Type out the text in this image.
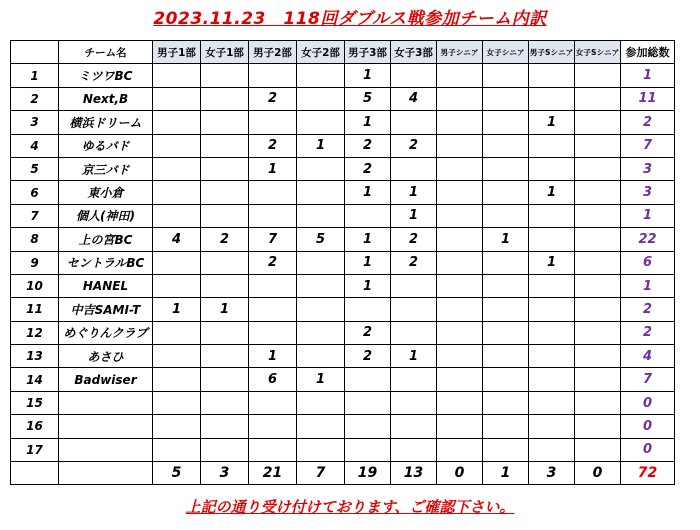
2023.11.23　118回ダブルス戦参加チーム内訳
	チーム名	男子1部	女子1部	男子2部	女子2部	男子3部	女子3部	男子シニア	女子シニア	男子Sシニア	女子Sシニア	参加総数
1	ミツワBC					1						1
2	Next,B			2		5	4					11
3	横浜ドリーム					1				1		2
4	ゆるバド			2	1	2	2					7
5	京三バド			1		2						3
6	東小倉					1	1			1		3
7	個人(神田)						1					1
8	上の宮BC	4	2	7	5	1	2		1			22
9	セントラルBC			2		1	2			1		6
10	HANEL					1						1
11	中吉SAMI-T	1	1									2
12	めぐりんクラブ					2						2
13	あさひ			1		2	1					4
14	Badwiser			6	1							7
15												0
16												0
17												0
		5	3	21	7	19	13	0	1	3	0	72
上記の通り受け付けております、ご確認下さい。
